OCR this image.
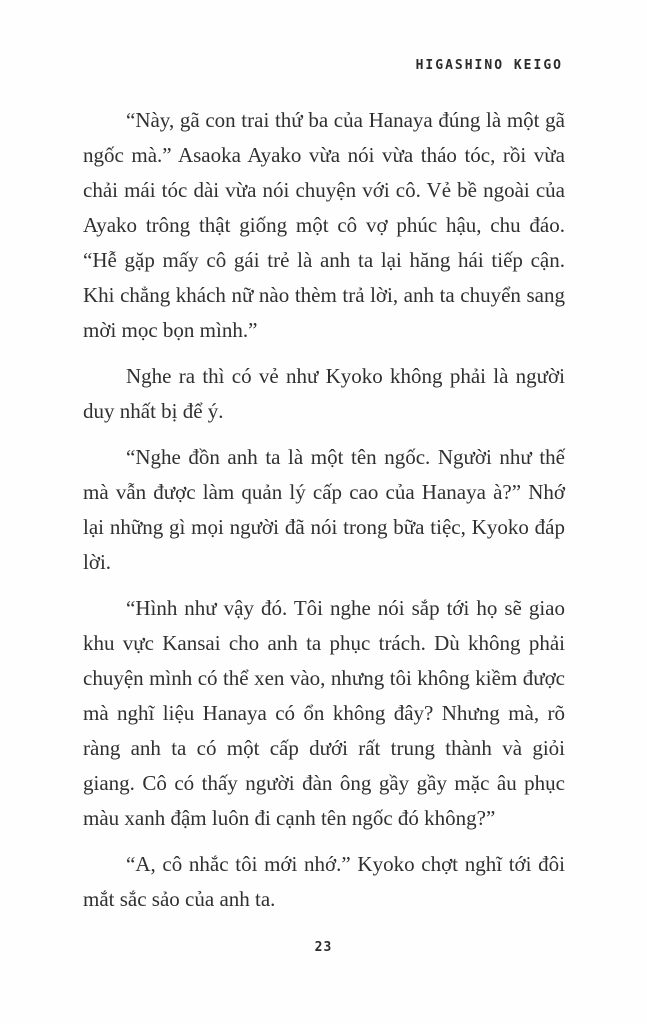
HIGASHINO KEIGO

“Này, gã con trai thứ ba của Hanaya đúng là một gã ngốc mà.” Asaoka Ayako vừa nói vừa tháo tóc, rồi vừa chải mái tóc dài vừa nói chuyện với cô. Vẻ bề ngoài của Ayako trông thật giống một cô vợ phúc hậu, chu đáo. “Hễ gặp mấy cô gái trẻ là anh ta lại hăng hái tiếp cận. Khi chẳng khách nữ nào thèm trả lời, anh ta chuyển sang mời mọc bọn mình.”

Nghe ra thì có vẻ như Kyoko không phải là người duy nhất bị để ý.

“Nghe đồn anh ta là một tên ngốc. Người như thế mà vẫn được làm quản lý cấp cao của Hanaya à?” Nhớ lại những gì mọi người đã nói trong bữa tiệc, Kyoko đáp lời.

“Hình như vậy đó. Tôi nghe nói sắp tới họ sẽ giao khu vực Kansai cho anh ta phục trách. Dù không phải chuyện mình có thể xen vào, nhưng tôi không kiềm được mà nghĩ liệu Hanaya có ổn không đây? Nhưng mà, rõ ràng anh ta có một cấp dưới rất trung thành và giỏi giang. Cô có thấy người đàn ông gầy gầy mặc âu phục màu xanh đậm luôn đi cạnh tên ngốc đó không?”

“A, cô nhắc tôi mới nhớ.” Kyoko chợt nghĩ tới đôi mắt sắc sảo của anh ta.

23
